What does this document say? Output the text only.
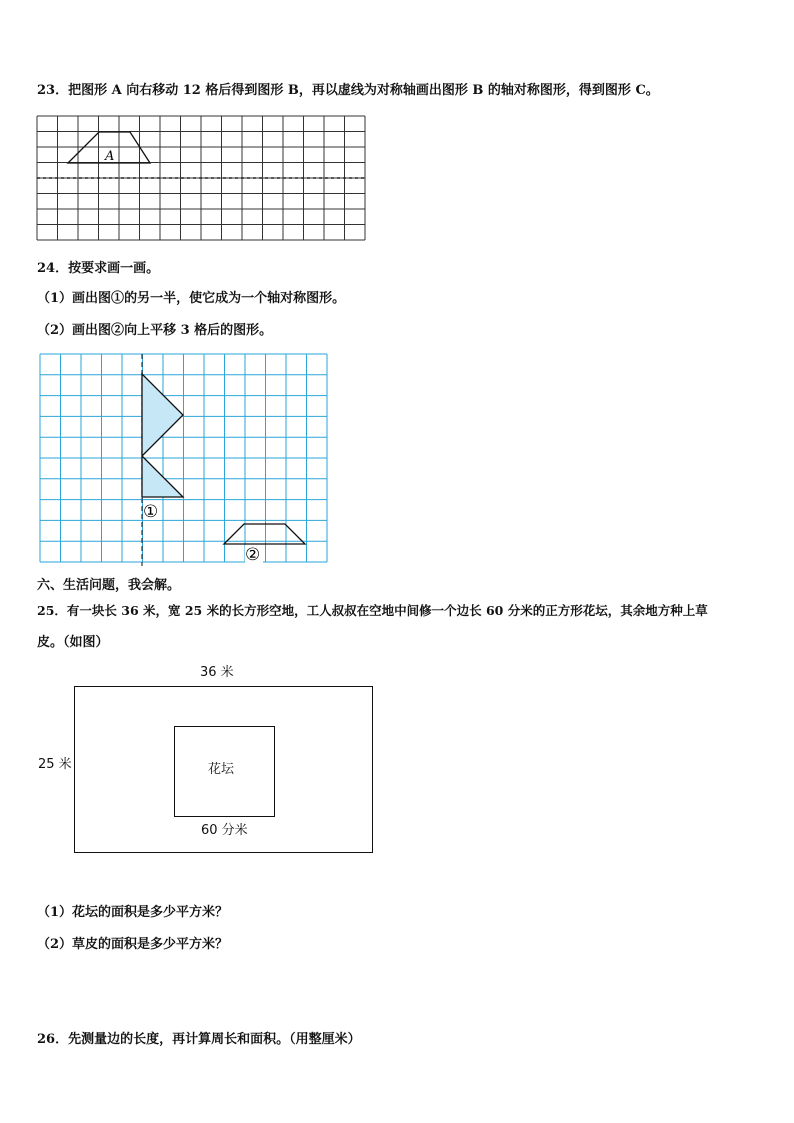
23．把图形 A 向右移动 12 格后得到图形 B，再以虚线为对称轴画出图形 B 的轴对称图形，得到图形 C。
A
24．按要求画一画。
（1）画出图①的另一半，使它成为一个轴对称图形。
（2）画出图②向上平移 3 格后的图形。
①
②
六、生活问题，我会解。
25．有一块长 36 米，宽 25 米的长方形空地，工人叔叔在空地中间修一个边长 60 分米的正方形花坛，其余地方种上草
皮。（如图）
36 米
25 米	花坛
60 分米
（1）花坛的面积是多少平方米？
（2）草皮的面积是多少平方米？
26．先测量边的长度，再计算周长和面积。（用整厘米）
